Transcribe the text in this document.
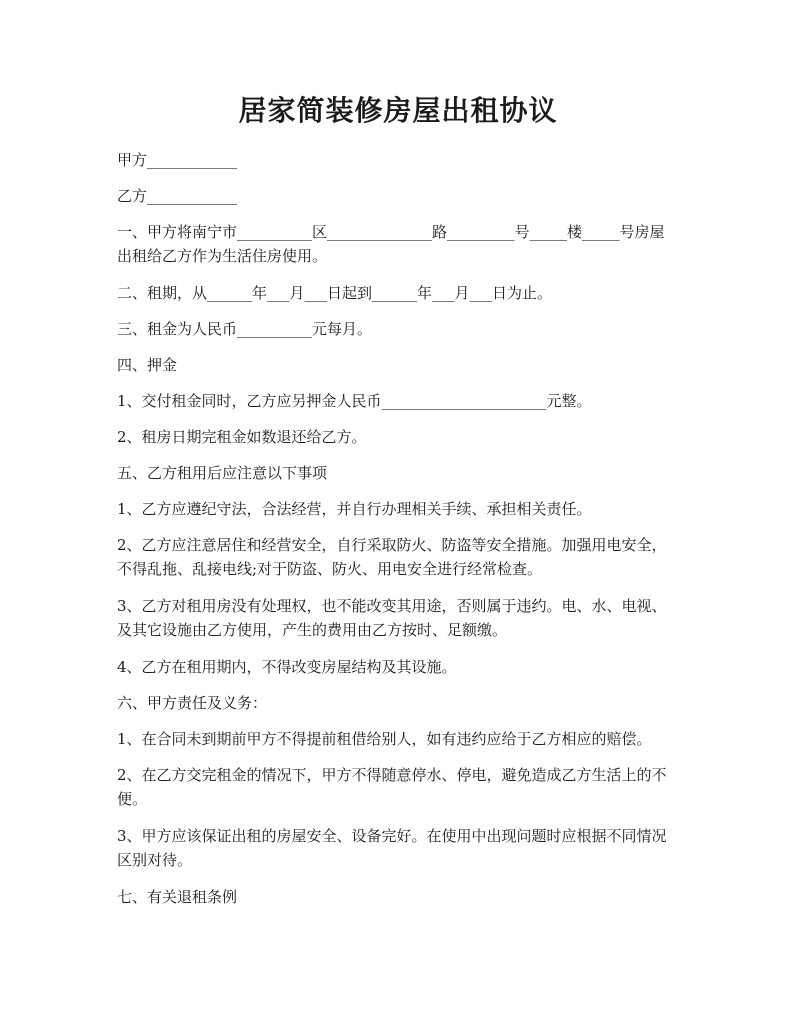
居家简装修房屋出租协议

甲方____________

乙方____________

一、甲方将南宁市__________区______________路_________号_____楼_____号房屋出租给乙方作为生活住房使用。

二、租期，从______年___月___日起到______年___月___日为止。

三、租金为人民币__________元每月。

四、押金

1、交付租金同时，乙方应另押金人民币______________________元整。

2、租房日期完租金如数退还给乙方。

五、乙方租用后应注意以下事项

1、乙方应遵纪守法，合法经营，并自行办理相关手续、承担相关责任。

2、乙方应注意居住和经营安全，自行采取防火、防盗等安全措施。加强用电安全，不得乱拖、乱接电线;对于防盗、防火、用电安全进行经常检查。

3、乙方对租用房没有处理权，也不能改变其用途，否则属于违约。电、水、电视、及其它设施由乙方使用，产生的费用由乙方按时、足额缴。

4、乙方在租用期内，不得改变房屋结构及其设施。

六、甲方责任及义务：

1、在合同未到期前甲方不得提前租借给别人，如有违约应给于乙方相应的赔偿。

2、在乙方交完租金的情况下，甲方不得随意停水、停电，避免造成乙方生活上的不便。

3、甲方应该保证出租的房屋安全、设备完好。在使用中出现问题时应根据不同情况区别对待。

七、有关退租条例
